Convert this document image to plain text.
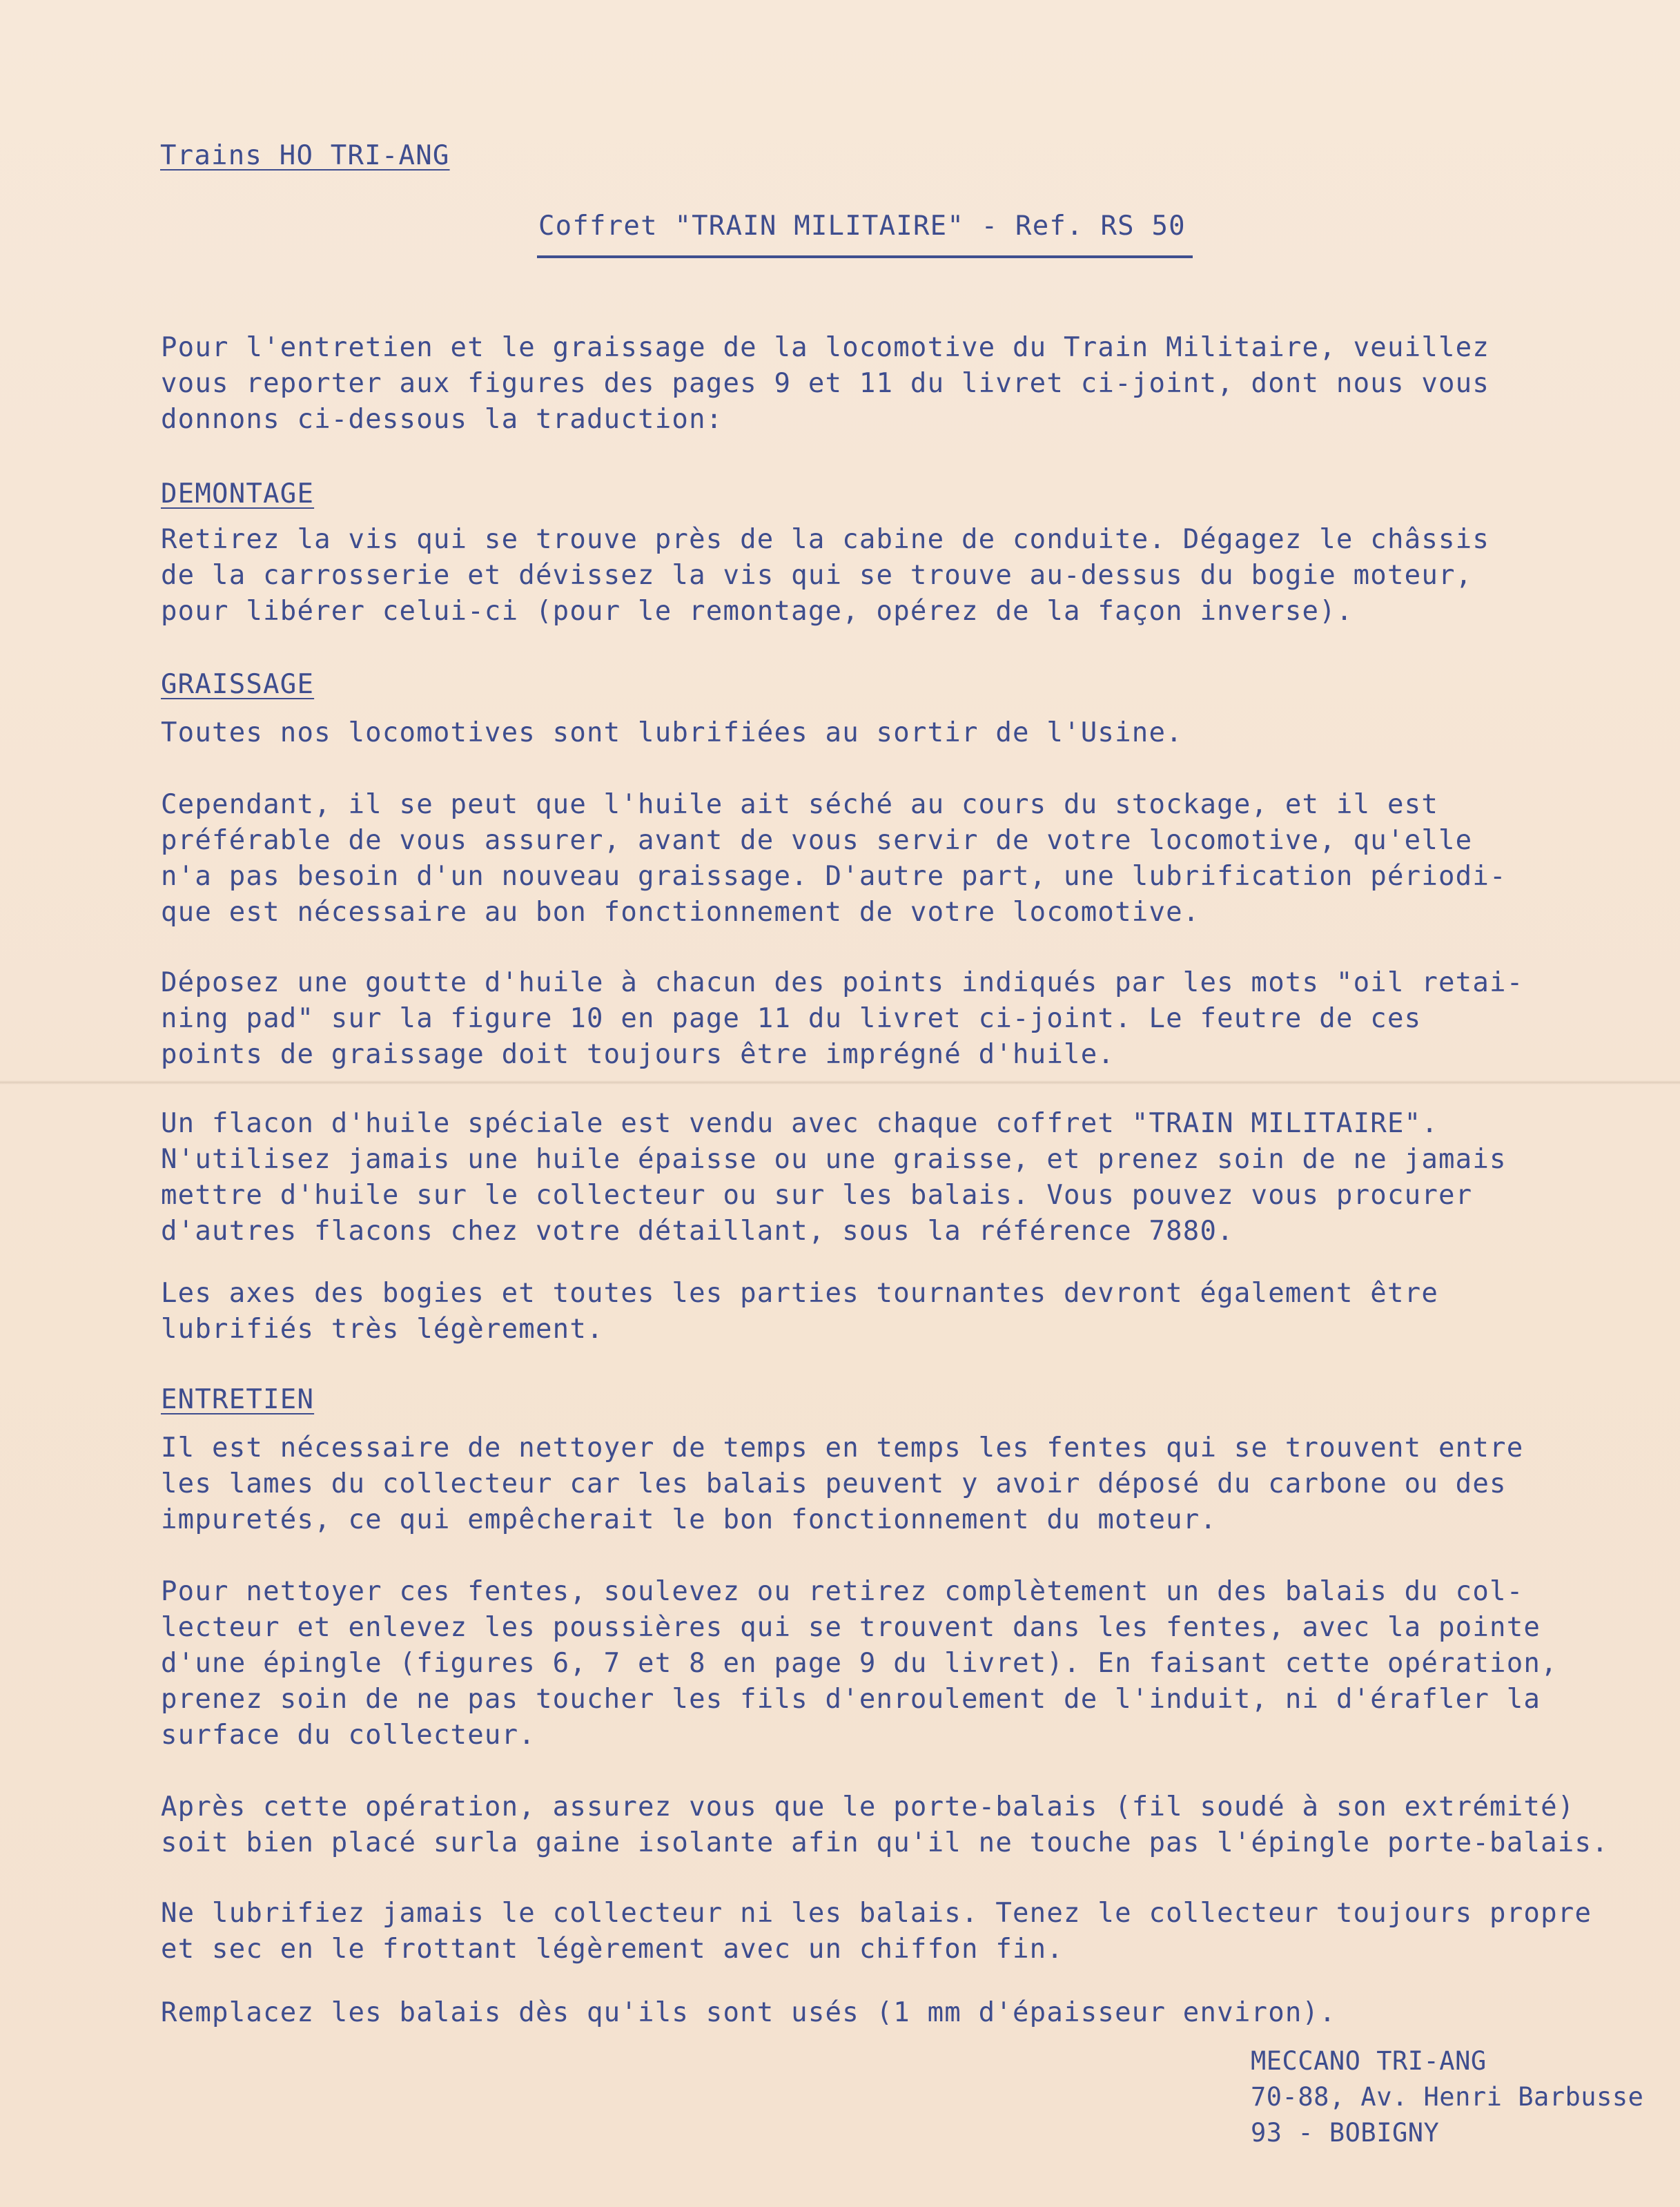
Trains HO TRI-ANG
Coffret "TRAIN MILITAIRE" - Ref. RS 50
Pour l'entretien et le graissage de la locomotive du Train Militaire, veuillez
vous reporter aux figures des pages 9 et 11 du livret ci-joint, dont nous vous
donnons ci-dessous la traduction:
DEMONTAGE
Retirez la vis qui se trouve près de la cabine de conduite. Dégagez le châssis
de la carrosserie et dévissez la vis qui se trouve au-dessus du bogie moteur,
pour libérer celui-ci (pour le remontage, opérez de la façon inverse).
GRAISSAGE
Toutes nos locomotives sont lubrifiées au sortir de l'Usine.
Cependant, il se peut que l'huile ait séché au cours du stockage, et il est
préférable de vous assurer, avant de vous servir de votre locomotive, qu'elle
n'a pas besoin d'un nouveau graissage. D'autre part, une lubrification périodi-
que est nécessaire au bon fonctionnement de votre locomotive.
Déposez une goutte d'huile à chacun des points indiqués par les mots "oil retai-
ning pad" sur la figure 10 en page 11 du livret ci-joint. Le feutre de ces
points de graissage doit toujours être imprégné d'huile.
Un flacon d'huile spéciale est vendu avec chaque coffret "TRAIN MILITAIRE".
N'utilisez jamais une huile épaisse ou une graisse, et prenez soin de ne jamais
mettre d'huile sur le collecteur ou sur les balais. Vous pouvez vous procurer
d'autres flacons chez votre détaillant, sous la référence 7880.
Les axes des bogies et toutes les parties tournantes devront également être
lubrifiés très légèrement.
ENTRETIEN
Il est nécessaire de nettoyer de temps en temps les fentes qui se trouvent entre
les lames du collecteur car les balais peuvent y avoir déposé du carbone ou des
impuretés, ce qui empêcherait le bon fonctionnement du moteur.
Pour nettoyer ces fentes, soulevez ou retirez complètement un des balais du col-
lecteur et enlevez les poussières qui se trouvent dans les fentes, avec la pointe
d'une épingle (figures 6, 7 et 8 en page 9 du livret). En faisant cette opération,
prenez soin de ne pas toucher les fils d'enroulement de l'induit, ni d'érafler la
surface du collecteur.
Après cette opération, assurez vous que le porte-balais (fil soudé à son extrémité)
soit bien placé surla gaine isolante afin qu'il ne touche pas l'épingle porte-balais.
Ne lubrifiez jamais le collecteur ni les balais. Tenez le collecteur toujours propre
et sec en le frottant légèrement avec un chiffon fin.
Remplacez les balais dès qu'ils sont usés (1 mm d'épaisseur environ).
MECCANO TRI-ANG
70-88, Av. Henri Barbusse
93 - BOBIGNY
